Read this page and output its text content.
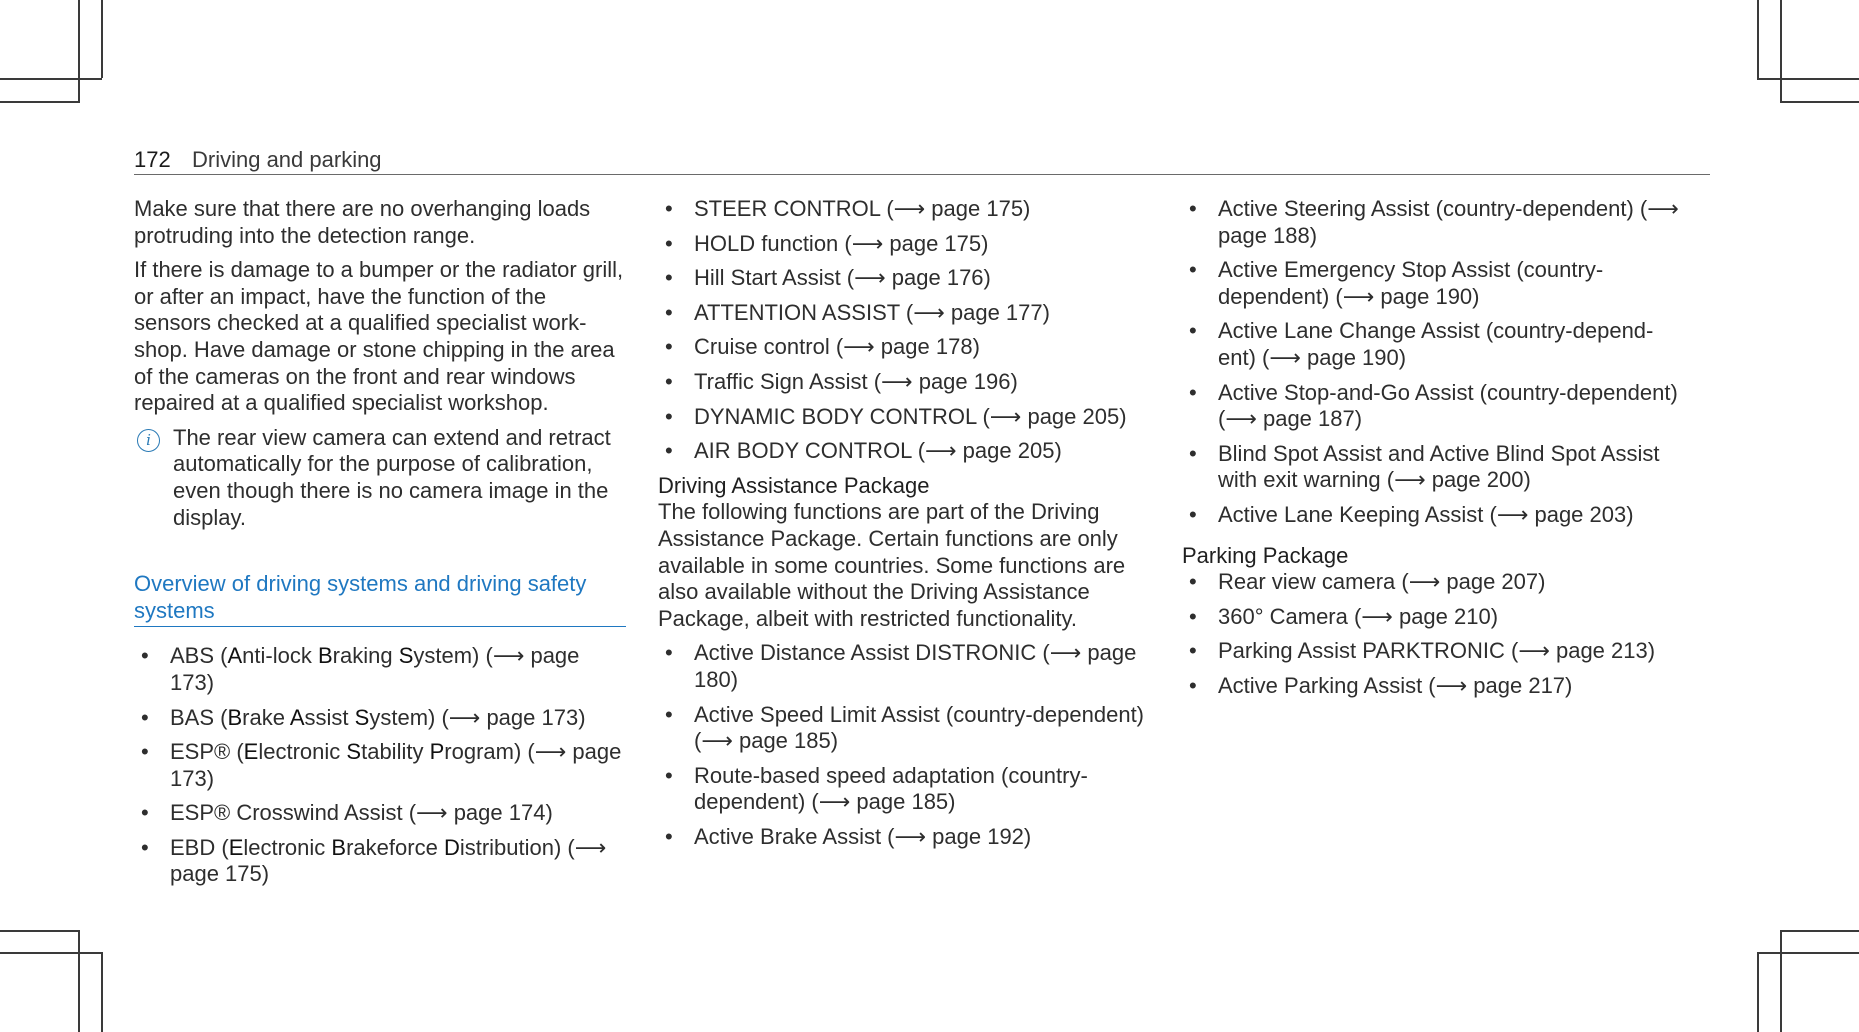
172 Driving and parking

Make sure that there are no overhanging loads protruding into the detection range.

If there is damage to a bumper or the radiator grill, or after an impact, have the function of the sensors checked at a qualified specialist workshop. Have damage or stone chipping in the area of the cameras on the front and rear windows repaired at a qualified specialist workshop.

i	The rear view camera can extend and retract automatically for the purpose of calibration, even though there is no camera image in the display.
Overview of driving systems and driving safety systems
• ABS (Anti-lock Braking System) (⟶ page 173)
• BAS (Brake Assist System) (⟶ page 173)
• ESP® (Electronic Stability Program) (⟶ page 173)
• ESP® Crosswind Assist (⟶ page 174)
• EBD (Electronic Brakeforce Distribution) (⟶ page 175)
• STEER CONTROL (⟶ page 175)
• HOLD function (⟶ page 175)
• Hill Start Assist (⟶ page 176)
• ATTENTION ASSIST (⟶ page 177)
• Cruise control (⟶ page 178)
• Traffic Sign Assist (⟶ page 196)
• DYNAMIC BODY CONTROL (⟶ page 205)
• AIR BODY CONTROL (⟶ page 205)
Driving Assistance Package

The following functions are part of the Driving Assistance Package. Certain functions are only available in some countries. Some functions are also available without the Driving Assistance Package, albeit with restricted functionality.

• Active Distance Assist DISTRONIC (⟶ page 180)
• Active Speed Limit Assist (country-dependent) (⟶ page 185)
• Route-based speed adaptation (country-dependent) (⟶ page 185)
• Active Brake Assist (⟶ page 192)
• Active Steering Assist (country-dependent) (⟶ page 188)
• Active Emergency Stop Assist (country-dependent) (⟶ page 190)
• Active Lane Change Assist (country-dependent) (⟶ page 190)
• Active Stop-and-Go Assist (country-dependent) (⟶ page 187)
• Blind Spot Assist and Active Blind Spot Assist with exit warning (⟶ page 200)
• Active Lane Keeping Assist (⟶ page 203)
Parking Package
• Rear view camera (⟶ page 207)
• 360° Camera (⟶ page 210)
• Parking Assist PARKTRONIC (⟶ page 213)
• Active Parking Assist (⟶ page 217)
